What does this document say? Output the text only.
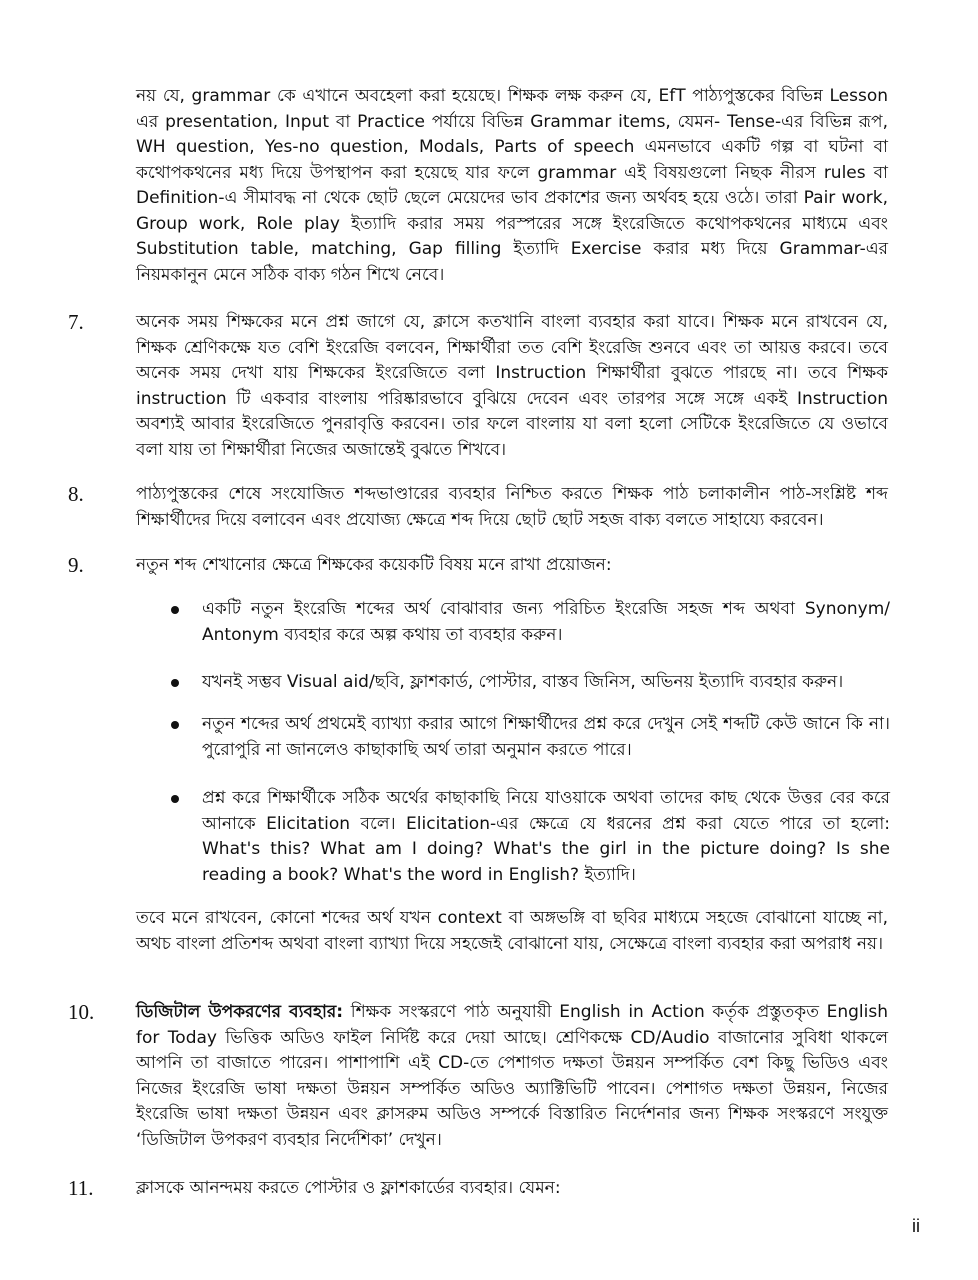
নয় যে, grammar কে এখানে অবহেলা করা হয়েছে। শিক্ষক লক্ষ করুন যে, EfT পাঠ্যপুস্তকের বিভিন্ন Lesson এর presentation, Input বা Practice পর্যায়ে বিভিন্ন Grammar items, যেমন- Tense-এর বিভিন্ন রূপ, WH question, Yes-no question, Modals, Parts of speech এমনভাবে একটি গল্প বা ঘটনা বা কথোপকথনের মধ্য দিয়ে উপস্থাপন করা হয়েছে যার ফলে grammar এই বিষয়গুলো নিছক নীরস rules বা Definition-এ সীমাবদ্ধ না থেকে ছোট ছেলে মেয়েদের ভাব প্রকাশের জন্য অর্থবহ হয়ে ওঠে। তারা Pair work, Group work, Role play ইত্যাদি করার সময় পরস্পরের সঙ্গে ইংরেজিতে কথোপকথনের মাধ্যমে এবং Substitution table, matching, Gap filling ইত্যাদি Exercise করার মধ্য দিয়ে Grammar-এর নিয়মকানুন মেনে সঠিক বাক্য গঠন শিখে নেবে।

7.	অনেক সময় শিক্ষকের মনে প্রশ্ন জাগে যে, ক্লাসে কতখানি বাংলা ব্যবহার করা যাবে। শিক্ষক মনে রাখবেন যে, শিক্ষক শ্রেণিকক্ষে যত বেশি ইংরেজি বলবেন, শিক্ষার্থীরা তত বেশি ইংরেজি শুনবে এবং তা আয়ত্ত করবে। তবে অনেক সময় দেখা যায় শিক্ষকের ইংরেজিতে বলা Instruction শিক্ষার্থীরা বুঝতে পারছে না। তবে শিক্ষক instruction টি একবার বাংলায় পরিষ্কারভাবে বুঝিয়ে দেবেন এবং তারপর সঙ্গে সঙ্গে একই Instruction অবশ্যই আবার ইংরেজিতে পুনরাবৃত্তি করবেন। তার ফলে বাংলায় যা বলা হলো সেটিকে ইংরেজিতে যে ওভাবে বলা যায় তা শিক্ষার্থীরা নিজের অজান্তেই বুঝতে শিখবে।

8.	পাঠ্যপুস্তকের শেষে সংযোজিত শব্দভাণ্ডারের ব্যবহার নিশ্চিত করতে শিক্ষক পাঠ চলাকালীন পাঠ-সংশ্লিষ্ট শব্দ শিক্ষার্থীদের দিয়ে বলাবেন এবং প্রযোজ্য ক্ষেত্রে শব্দ দিয়ে ছোট ছোট সহজ বাক্য বলতে সাহায্যে করবেন।

9.	নতুন শব্দ শেখানোর ক্ষেত্রে শিক্ষকের কয়েকটি বিষয় মনে রাখা প্রয়োজন:

একটি নতুন ইংরেজি শব্দের অর্থ বোঝাবার জন্য পরিচিত ইংরেজি সহজ শব্দ অথবা Synonym/ Antonym ব্যবহার করে অল্প কথায় তা ব্যবহার করুন।

যখনই সম্ভব Visual aid/ছবি, ফ্লাশকার্ড, পোস্টার, বাস্তব জিনিস, অভিনয় ইত্যাদি ব্যবহার করুন।

নতুন শব্দের অর্থ প্রথমেই ব্যাখ্যা করার আগে শিক্ষার্থীদের প্রশ্ন করে দেখুন সেই শব্দটি কেউ জানে কি না। পুরোপুরি না জানলেও কাছাকাছি অর্থ তারা অনুমান করতে পারে।

প্রশ্ন করে শিক্ষার্থীকে সঠিক অর্থের কাছাকাছি নিয়ে যাওয়াকে অথবা তাদের কাছ থেকে উত্তর বের করে আনাকে Elicitation বলে। Elicitation-এর ক্ষেত্রে যে ধরনের প্রশ্ন করা যেতে পারে তা হলো: What's this? What am I doing? What's the girl in the picture doing? Is she reading a book? What's the word in English? ইত্যাদি।

তবে মনে রাখবেন, কোনো শব্দের অর্থ যখন context বা অঙ্গভঙ্গি বা ছবির মাধ্যমে সহজে বোঝানো যাচ্ছে না, অথচ বাংলা প্রতিশব্দ অথবা বাংলা ব্যাখ্যা দিয়ে সহজেই বোঝানো যায়, সেক্ষেত্রে বাংলা ব্যবহার করা অপরাধ নয়।

10. ডিজিটাল উপকরণের ব্যবহার: শিক্ষক সংস্করণে পাঠ অনুযায়ী English in Action কর্তৃক প্রস্তুতকৃত English for Today ভিত্তিক অডিও ফাইল নির্দিষ্ট করে দেয়া আছে। শ্রেণিকক্ষে CD/Audio বাজানোর সুবিধা থাকলে আপনি তা বাজাতে পারেন। পাশাপাশি এই CD-তে পেশাগত দক্ষতা উন্নয়ন সম্পর্কিত বেশ কিছু ভিডিও এবং নিজের ইংরেজি ভাষা দক্ষতা উন্নয়ন সম্পর্কিত অডিও অ্যাক্টিভিটি পাবেন। পেশাগত দক্ষতা উন্নয়ন, নিজের ইংরেজি ভাষা দক্ষতা উন্নয়ন এবং ক্লাসরুম অডিও সম্পর্কে বিস্তারিত নির্দেশনার জন্য শিক্ষক সংস্করণে সংযুক্ত ‘ডিজিটাল উপকরণ ব্যবহার নির্দেশিকা’ দেখুন।

11.	ক্লাসকে আনন্দময় করতে পোস্টার ও ফ্লাশকার্ডের ব্যবহার। যেমন:

ii
